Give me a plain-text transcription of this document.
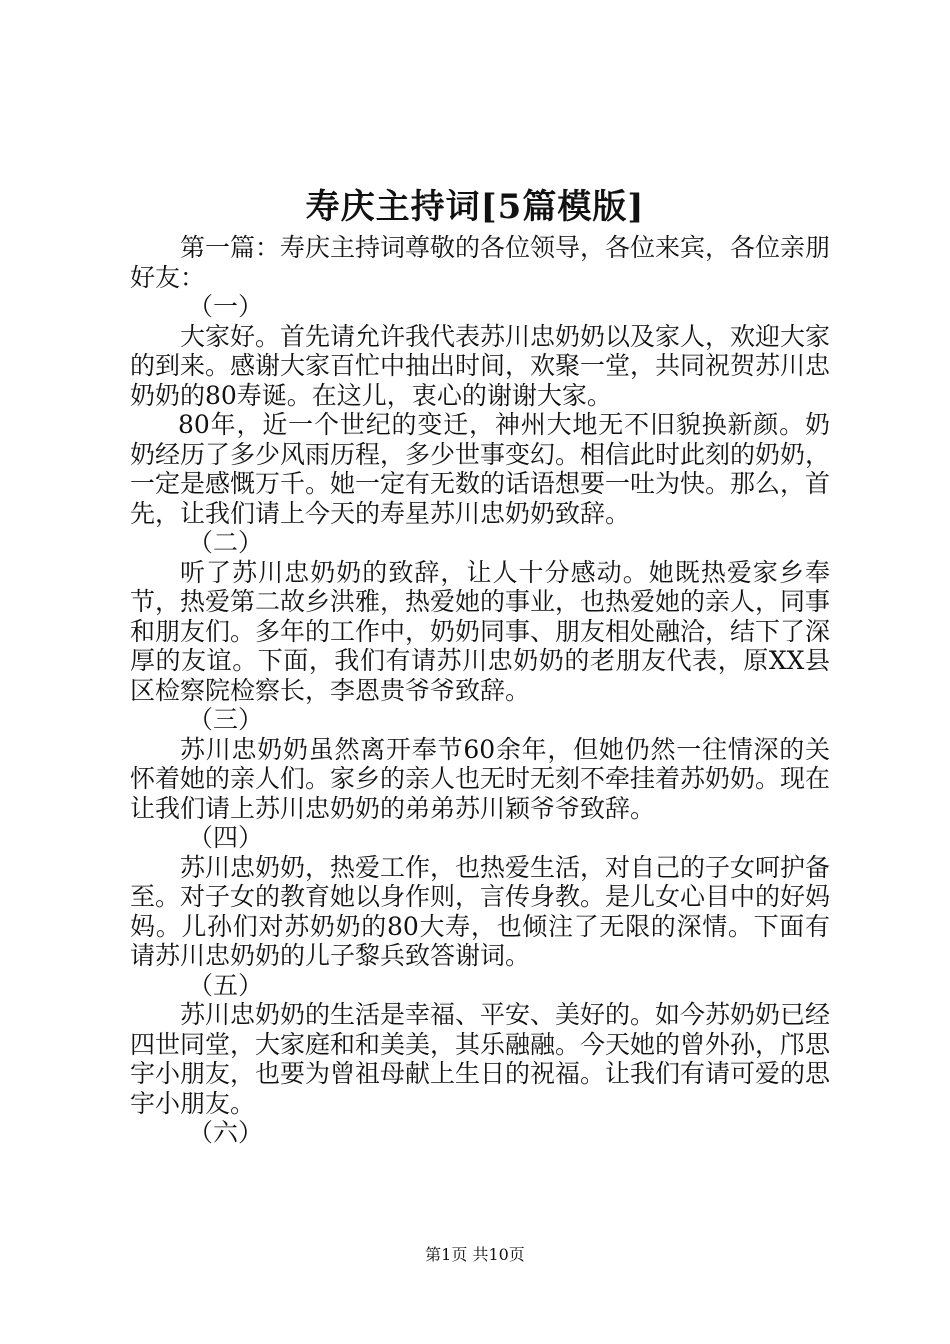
寿庆主持词[5篇模版]

第一篇：寿庆主持词尊敬的各位领导，各位来宾，各位亲朋好友：

（一）

大家好。首先请允许我代表苏川忠奶奶以及家人，欢迎大家的到来。感谢大家百忙中抽出时间，欢聚一堂，共同祝贺苏川忠奶奶的80寿诞。在这儿，衷心的谢谢大家。

80年，近一个世纪的变迁，神州大地无不旧貌换新颜。奶奶经历了多少风雨历程，多少世事变幻。相信此时此刻的奶奶，一定是感慨万千。她一定有无数的话语想要一吐为快。那么，首先，让我们请上今天的寿星苏川忠奶奶致辞。

（二）

听了苏川忠奶奶的致辞，让人十分感动。她既热爱家乡奉节，热爱第二故乡洪雅，热爱她的事业，也热爱她的亲人，同事和朋友们。多年的工作中，奶奶同事、朋友相处融洽，结下了深厚的友谊。下面，我们有请苏川忠奶奶的老朋友代表，原XX县区检察院检察长，李恩贵爷爷致辞。

（三）

苏川忠奶奶虽然离开奉节60余年，但她仍然一往情深的关怀着她的亲人们。家乡的亲人也无时无刻不牵挂着苏奶奶。现在让我们请上苏川忠奶奶的弟弟苏川颖爷爷致辞。

（四）

苏川忠奶奶，热爱工作，也热爱生活，对自己的子女呵护备至。对子女的教育她以身作则，言传身教。是儿女心目中的好妈妈。儿孙们对苏奶奶的80大寿，也倾注了无限的深情。下面有请苏川忠奶奶的儿子黎兵致答谢词。

（五）

苏川忠奶奶的生活是幸福、平安、美好的。如今苏奶奶已经四世同堂，大家庭和和美美，其乐融融。今天她的曾外孙，邝思宇小朋友，也要为曾祖母献上生日的祝福。让我们有请可爱的思宇小朋友。

（六）

第1页 共10页
